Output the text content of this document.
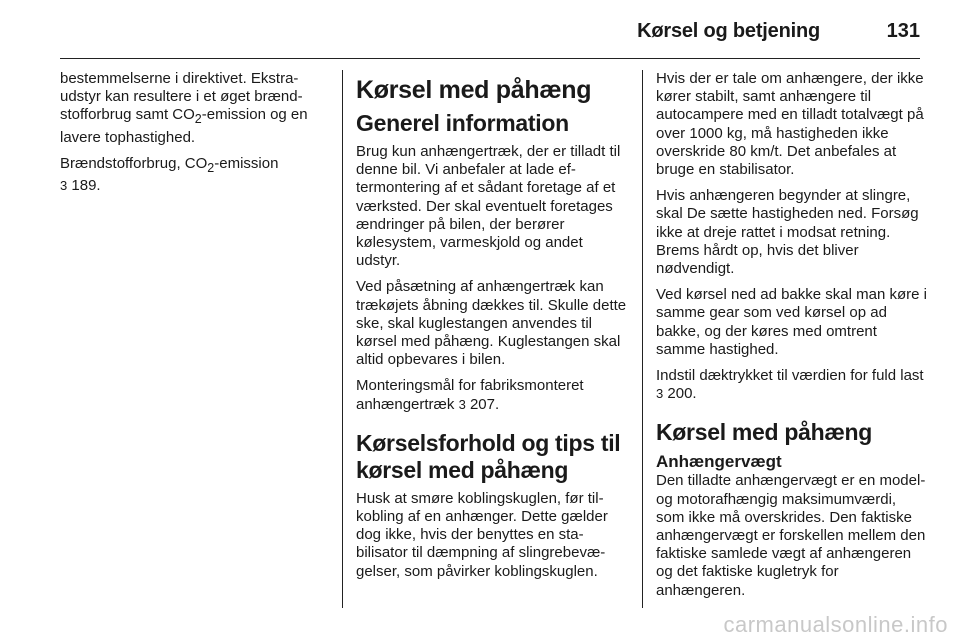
Kørsel og betjening	131

bestemmelserne i direktivet. Ekstra-
udstyr kan resultere i et øget brænd-
stofforbrug samt $CO_2$-emission og en
lavere tophastighed.

Brændstofforbrug, $CO_2$-emission
3 189.

Kørsel med påhæng
Generel information

Brug kun anhængertræk, der er tilladt til denne bil. Vi anbefaler at lade eftermontering af et sådant foretage af et værksted. Der skal eventuelt foretages ændringer på bilen, der berører kølesystem, varmeskjold og andet udstyr.

Ved påsætning af anhængertræk kan trækøjets åbning dækkes til. Skulle dette ske, skal kuglestangen anvendes til kørsel med påhæng. Kuglestangen skal altid opbevares i bilen.

Monteringsmål for fabriksmonteret anhængertræk 3 207.

Kørselsforhold og tips til kørsel med påhæng

Husk at smøre koblingskuglen, før tilkobling af en anhænger. Dette gælder dog ikke, hvis der benyttes en stabilisator til dæmpning af slingrebevægelser, som påvirker koblingskuglen.

Hvis der er tale om anhængere, der ikke kører stabilt, samt anhængere til autocampere med en tilladt totalvægt på over 1000 kg, må hastigheden ikke overskride 80 km/t. Det anbefales at bruge en stabilisator.

Hvis anhængeren begynder at slingre, skal De sætte hastigheden ned. Forsøg ikke at dreje rattet i modsat retning. Brems hårdt op, hvis det bliver nødvendigt.

Ved kørsel ned ad bakke skal man køre i samme gear som ved kørsel op ad bakke, og der køres med omtrent samme hastighed.

Indstil dæktrykket til værdien for fuld last 3 200.

Kørsel med påhæng
Anhængervægt

Den tilladte anhængervægt er en model- og motorafhængig maksimumværdi, som ikke må overskrides. Den faktiske anhængervægt er forskellen mellem den faktiske samlede vægt af anhængeren og det faktiske kugletryk for anhængeren.

carmanualsonline.info
